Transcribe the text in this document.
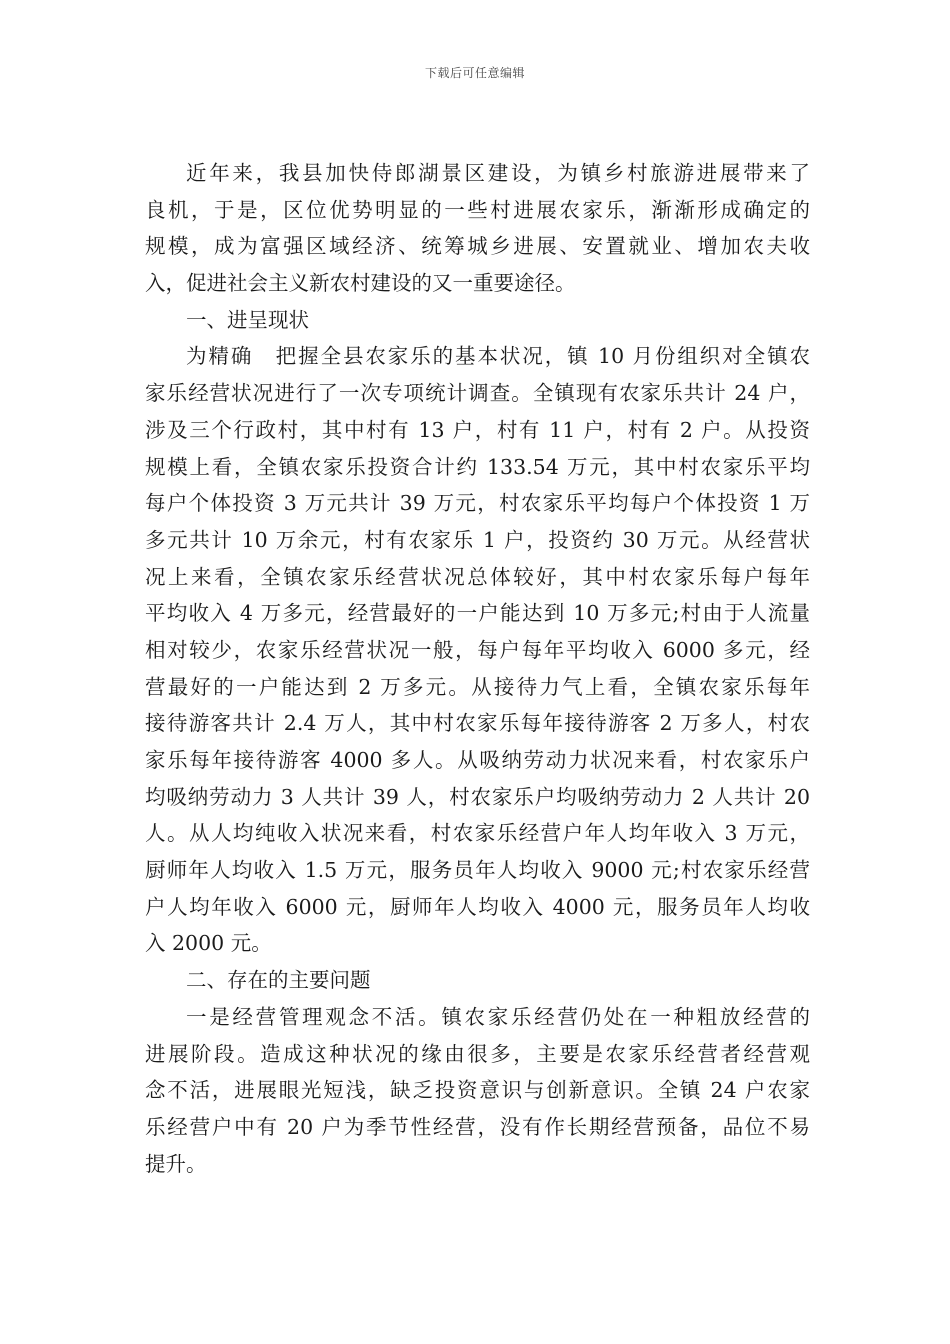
下载后可任意编辑
近年来，我县加快侍郎湖景区建设，为镇乡村旅游进展带来了
良机，于是，区位优势明显的一些村进展农家乐，渐渐形成确定的
规模，成为富强区域经济、统筹城乡进展、安置就业、增加农夫收
入，促进社会主义新农村建设的又一重要途径。
一、进呈现状
为精确　把握全县农家乐的基本状况，镇 10 月份组织对全镇农
家乐经营状况进行了一次专项统计调查。全镇现有农家乐共计 24 户，
涉及三个行政村，其中村有 13 户，村有 11 户，村有 2 户。从投资
规模上看，全镇农家乐投资合计约 133.54 万元，其中村农家乐平均
每户个体投资 3 万元共计 39 万元，村农家乐平均每户个体投资 1 万
多元共计 10 万余元，村有农家乐 1 户，投资约 30 万元。从经营状
况上来看，全镇农家乐经营状况总体较好，其中村农家乐每户每年
平均收入 4 万多元，经营最好的一户能达到 10 万多元;村由于人流量
相对较少，农家乐经营状况一般，每户每年平均收入 6000 多元，经
营最好的一户能达到 2 万多元。从接待力气上看，全镇农家乐每年
接待游客共计 2.4 万人，其中村农家乐每年接待游客 2 万多人，村农
家乐每年接待游客 4000 多人。从吸纳劳动力状况来看，村农家乐户
均吸纳劳动力 3 人共计 39 人，村农家乐户均吸纳劳动力 2 人共计 20
人。从人均纯收入状况来看，村农家乐经营户年人均年收入 3 万元，
厨师年人均收入 1.5 万元，服务员年人均收入 9000 元;村农家乐经营
户人均年收入 6000 元，厨师年人均收入 4000 元，服务员年人均收
入 2000 元。
二、存在的主要问题
一是经营管理观念不活。镇农家乐经营仍处在一种粗放经营的
进展阶段。造成这种状况的缘由很多，主要是农家乐经营者经营观
念不活，进展眼光短浅，缺乏投资意识与创新意识。全镇 24 户农家
乐经营户中有 20 户为季节性经营，没有作长期经营预备，品位不易
提升。
